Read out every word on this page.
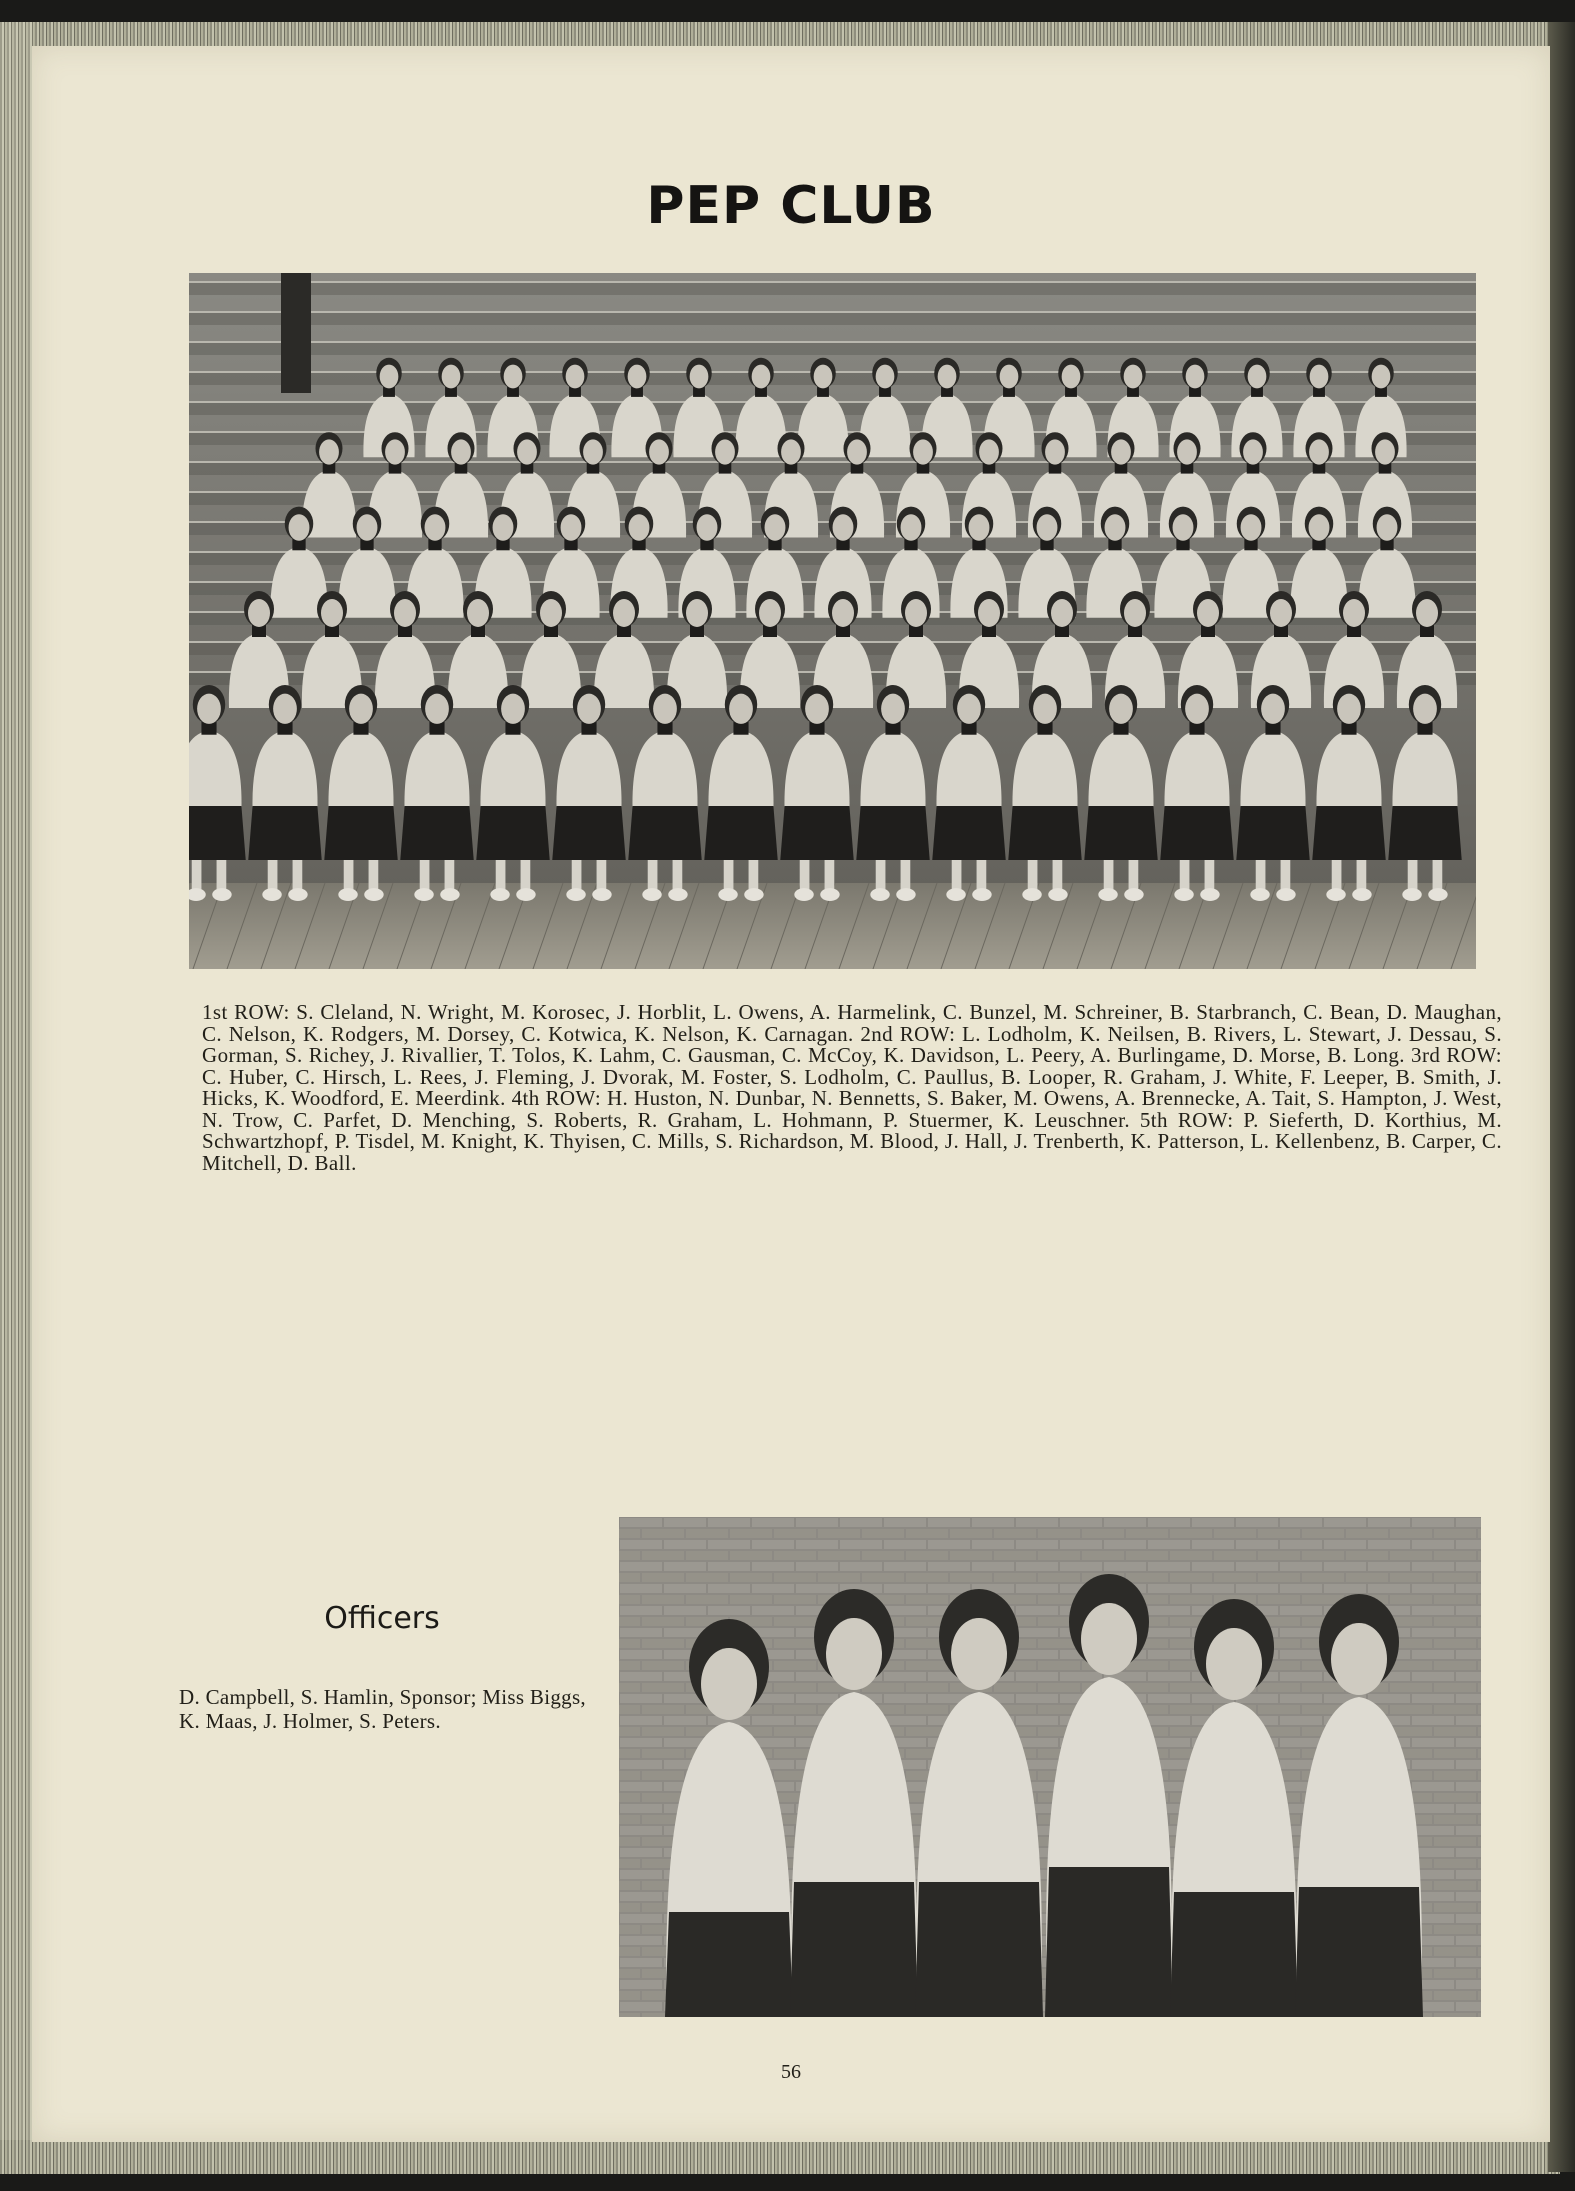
PEP CLUB
1st ROW: S. Cleland, N. Wright, M. Korosec, J. Horblit, L. Owens, A. Harmelink, C. Bunzel, M. Schreiner, B. Starbranch, C. Bean, D. Maughan, C. Nelson, K. Rodgers, M. Dorsey, C. Kotwica, K. Nelson, K. Carnagan. 2nd ROW: L. Lodholm, K. Neilsen, B. Rivers, L. Stewart, J. Dessau, S. Gorman, S. Richey, J. Rivallier, T. Tolos, K. Lahm, C. Gausman, C. McCoy, K. Davidson, L. Peery, A. Burlingame, D. Morse, B. Long. 3rd ROW: C. Huber, C. Hirsch, L. Rees, J. Fleming, J. Dvorak, M. Foster, S. Lodholm, C. Paullus, B. Looper, R. Graham, J. White, F. Leeper, B. Smith, J. Hicks, K. Woodford, E. Meerdink. 4th ROW: H. Huston, N. Dunbar, N. Bennetts, S. Baker, M. Owens, A. Brennecke, A. Tait, S. Hampton, J. West, N. Trow, C. Parfet, D. Menching, S. Roberts, R. Graham, L. Hohmann, P. Stuermer, K. Leuschner. 5th ROW: P. Sieferth, D. Korthius, M. Schwartzhopf, P. Tisdel, M. Knight, K. Thyisen, C. Mills, S. Richardson, M. Blood, J. Hall, J. Trenberth, K. Patterson, L. Kellenbenz, B. Carper, C. Mitchell, D. Ball.
Officers
D. Campbell, S. Hamlin, Sponsor; Miss Biggs, K. Maas, J. Holmer, S. Peters.
56
